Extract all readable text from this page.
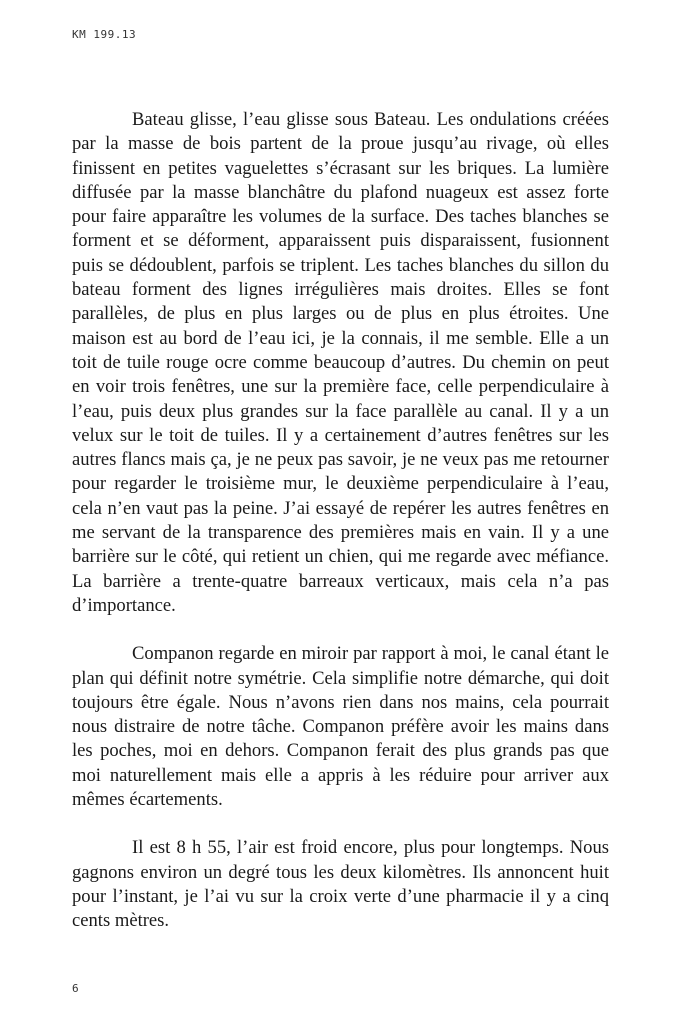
KM 199.13

Bateau glisse, l’eau glisse sous Bateau. Les ondulations créées par la masse de bois partent de la proue jusqu’au rivage, où elles finissent en petites vaguelettes s’écrasant sur les briques. La lumière diffusée par la masse blanchâtre du plafond nuageux est assez forte pour faire apparaître les volumes de la surface. Des taches blanches se forment et se déforment, apparaissent puis disparaissent, fusionnent puis se dédoublent, parfois se triplent. Les taches blanches du sillon du bateau forment des lignes irrégulières mais droites. Elles se font parallèles, de plus en plus larges ou de plus en plus étroites. Une maison est au bord de l’eau ici, je la connais, il me semble. Elle a un toit de tuile rouge ocre comme beaucoup d’autres. Du chemin on peut en voir trois fenêtres, une sur la première face, celle perpendiculaire à l’eau, puis deux plus grandes sur la face parallèle au canal. Il y a un velux sur le toit de tuiles. Il y a certainement d’autres fenêtres sur les autres flancs mais ça, je ne peux pas savoir, je ne veux pas me retourner pour regarder le troisième mur, le deuxième perpendiculaire à l’eau, cela n’en vaut pas la peine. J’ai essayé de repérer les autres fenêtres en me servant de la transparence des premières mais en vain. Il y a une barrière sur le côté, qui retient un chien, qui me regarde avec méfiance. La barrière a trente-quatre barreaux verticaux, mais cela n’a pas d’importance.

Companon regarde en miroir par rapport à moi, le canal étant le plan qui définit notre symétrie. Cela simplifie notre démarche, qui doit toujours être égale. Nous n’avons rien dans nos mains, cela pourrait nous distraire de notre tâche. Companon préfère avoir les mains dans les poches, moi en dehors. Companon ferait des plus grands pas que moi naturellement mais elle a appris à les réduire pour arriver aux mêmes écartements.

Il est 8 h 55, l’air est froid encore, plus pour longtemps. Nous gagnons environ un degré tous les deux kilomètres. Ils annoncent huit pour l’instant, je l’ai vu sur la croix verte d’une pharmacie il y a cinq cents mètres.

6
